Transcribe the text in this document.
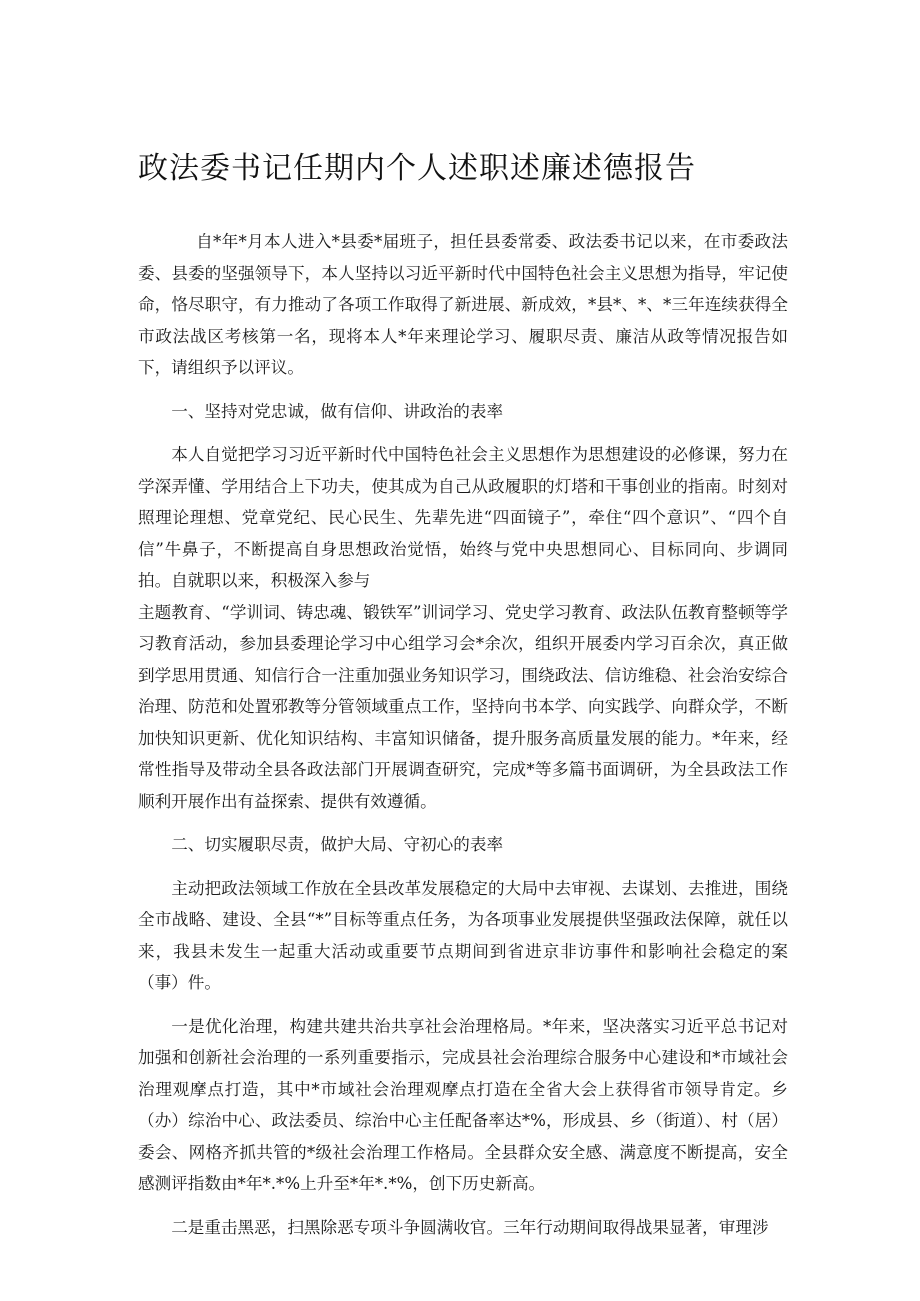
政法委书记任期内个人述职述廉述德报告

自*年*月本人进入*县委*届班子，担任县委常委、政法委书记以来，在市委政法委、县委的坚强领导下，本人坚持以习近平新时代中国特色社会主义思想为指导，牢记使命，恪尽职守，有力推动了各项工作取得了新进展、新成效，*县*、*、*三年连续获得全市政法战区考核第一名，现将本人*年来理论学习、履职尽责、廉洁从政等情况报告如下，请组织予以评议。

一、坚持对党忠诚，做有信仰、讲政治的表率

本人自觉把学习习近平新时代中国特色社会主义思想作为思想建设的必修课，努力在学深弄懂、学用结合上下功夫，使其成为自己从政履职的灯塔和干事创业的指南。时刻对照理论理想、党章党纪、民心民生、先辈先进“四面镜子”，牵住“四个意识”、“四个自信”牛鼻子，不断提高自身思想政治觉悟，始终与党中央思想同心、目标同向、步调同拍。自就职以来，积极深入参与
主题教育、“学训词、铸忠魂、锻铁军”训词学习、党史学习教育、政法队伍教育整顿等学习教育活动，参加县委理论学习中心组学习会*余次，组织开展委内学习百余次，真正做到学思用贯通、知信行合一注重加强业务知识学习，围绕政法、信访维稳、社会治安综合治理、防范和处置邪教等分管领域重点工作，坚持向书本学、向实践学、向群众学，不断加快知识更新、优化知识结构、丰富知识储备，提升服务高质量发展的能力。*年来，经常性指导及带动全县各政法部门开展调查研究，完成*等多篇书面调研，为全县政法工作顺利开展作出有益探索、提供有效遵循。

二、切实履职尽责，做护大局、守初心的表率

主动把政法领域工作放在全县改革发展稳定的大局中去审视、去谋划、去推进，围绕全市战略、建设、全县“*”目标等重点任务，为各项事业发展提供坚强政法保障，就任以来，我县未发生一起重大活动或重要节点期间到省进京非访事件和影响社会稳定的案（事）件。

一是优化治理，构建共建共治共享社会治理格局。*年来，坚决落实习近平总书记对加强和创新社会治理的一系列重要指示，完成县社会治理综合服务中心建设和*市域社会治理观摩点打造，其中*市域社会治理观摩点打造在全省大会上获得省市领导肯定。乡（办）综治中心、政法委员、综治中心主任配备率达*%，形成县、乡（街道）、村（居）委会、网格齐抓共管的*级社会治理工作格局。全县群众安全感、满意度不断提高，安全感测评指数由*年*.*%上升至*年*.*%，创下历史新高。

二是重击黑恶，扫黑除恶专项斗争圆满收官。三年行动期间取得战果显著，审理涉
